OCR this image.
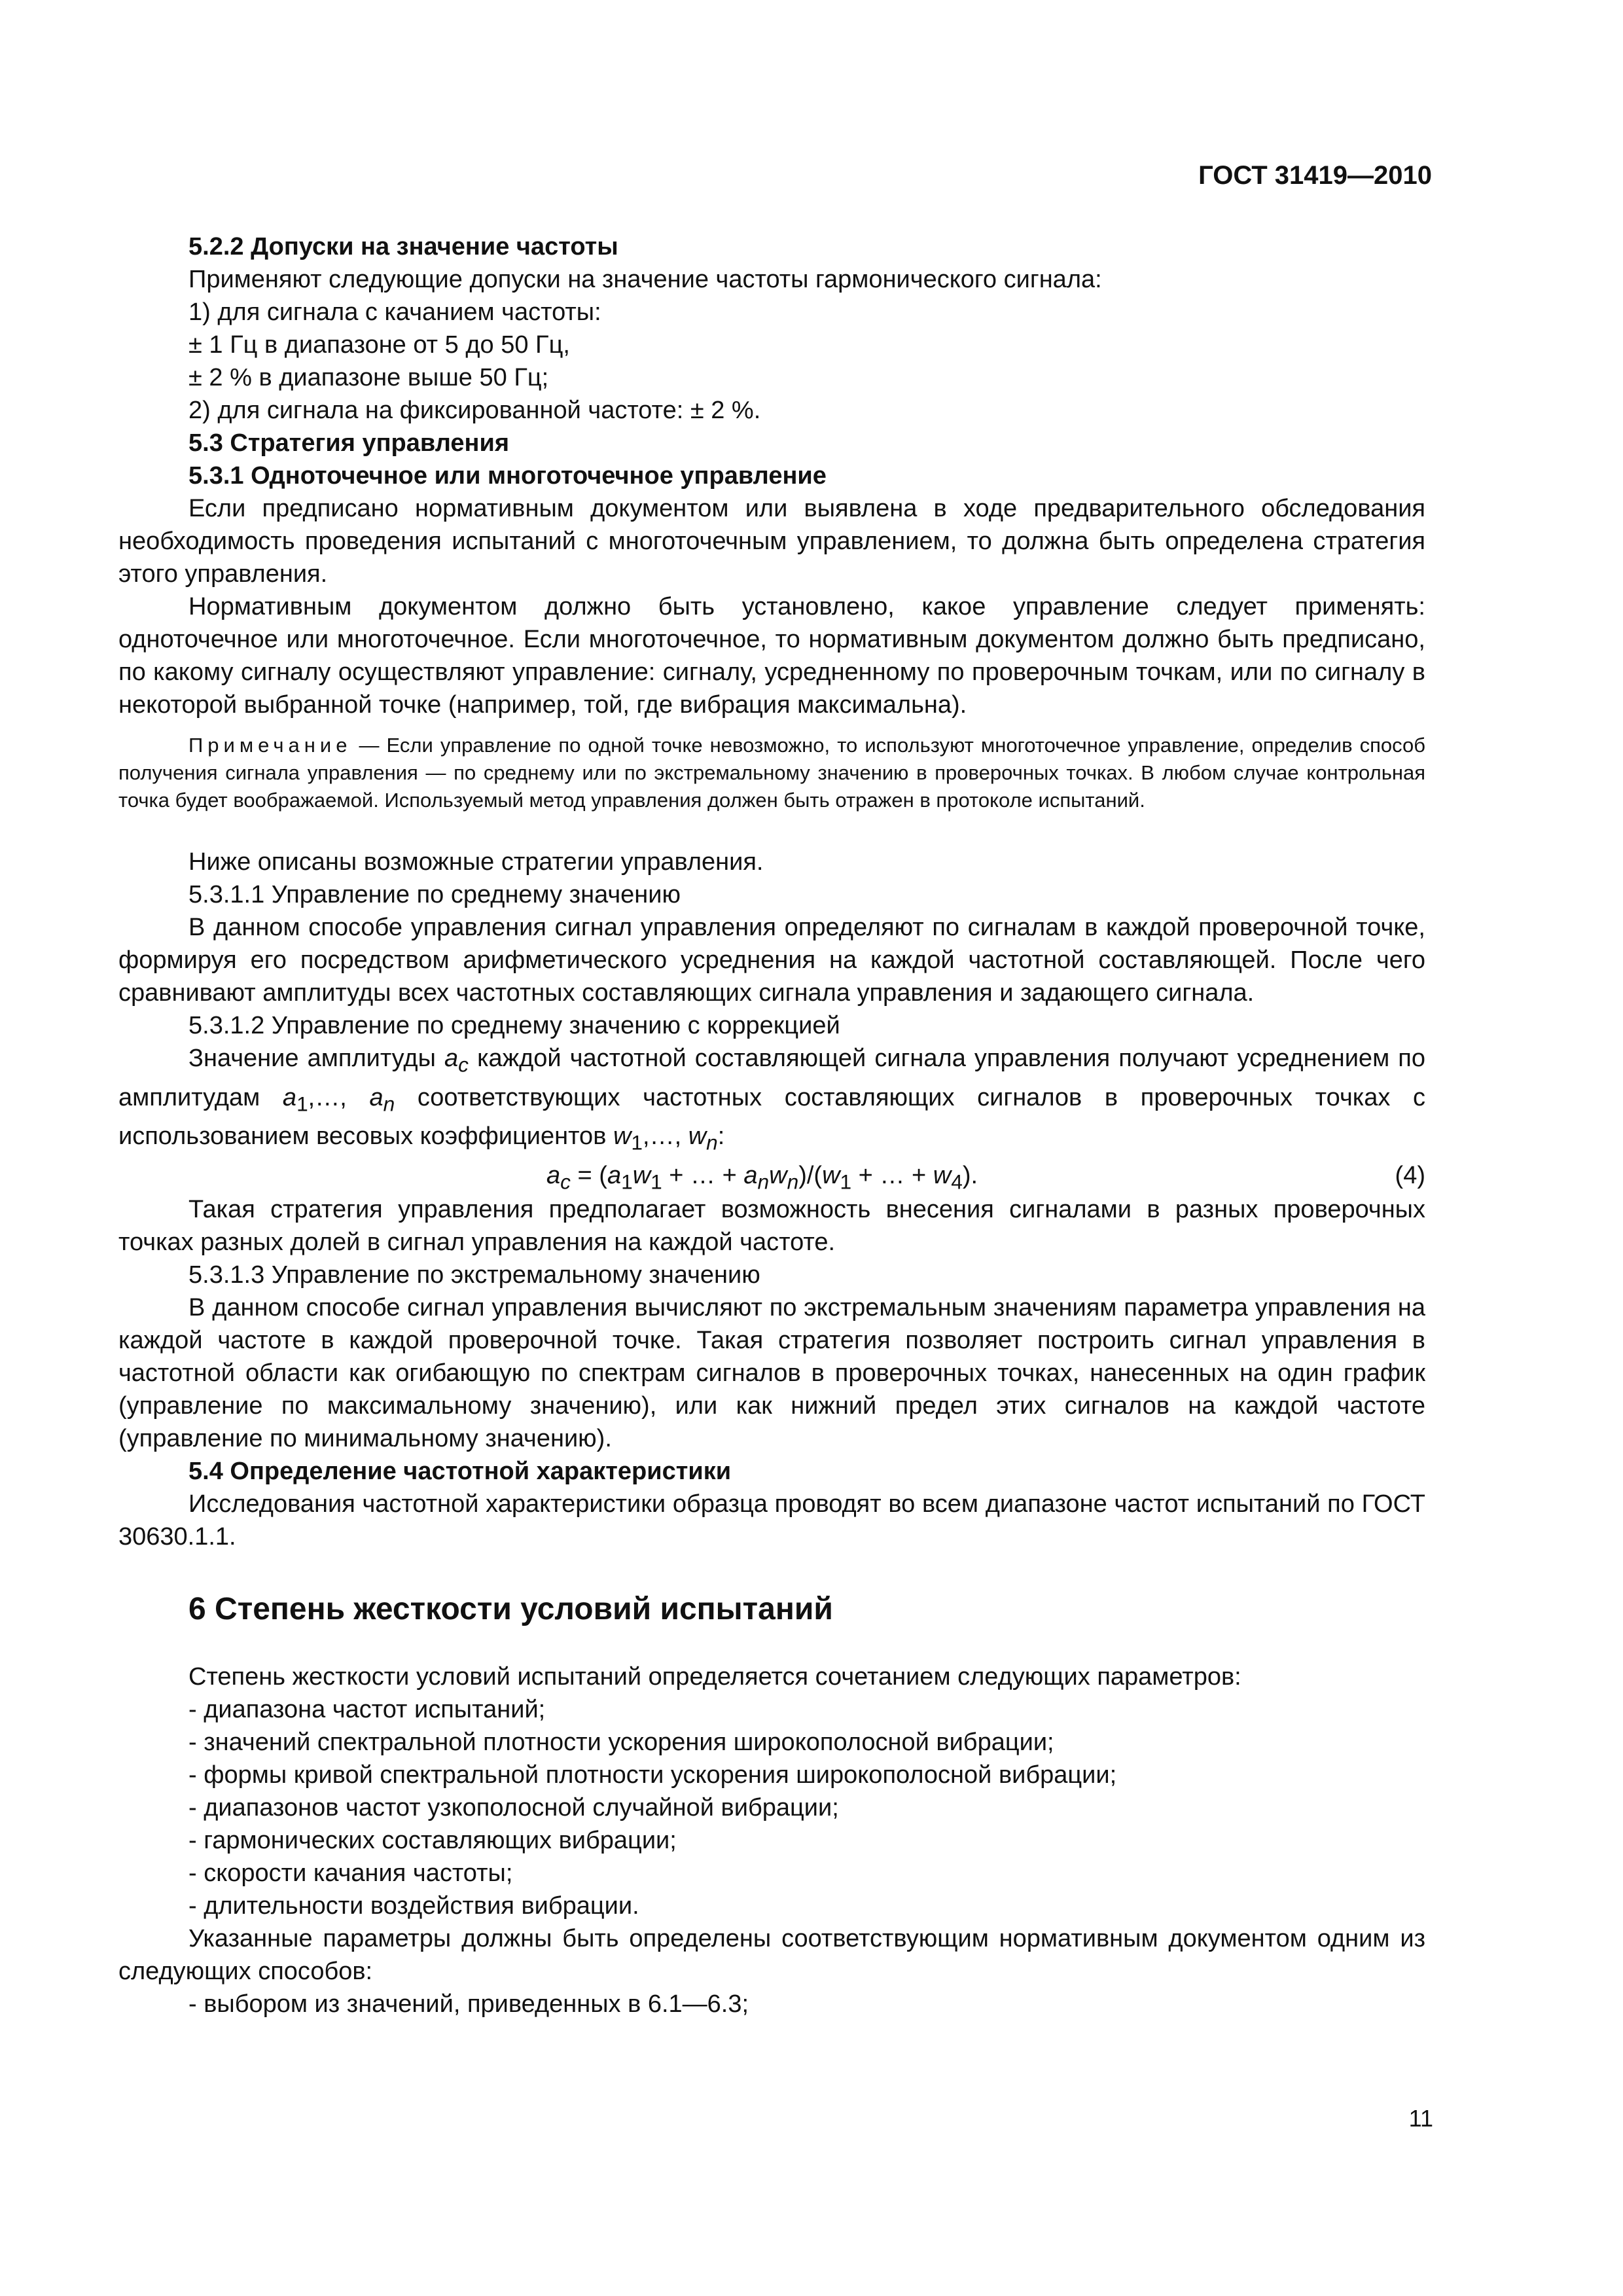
ГОСТ 31419—2010

5.2.2 Допуски на значение частоты

Применяют следующие допуски на значение частоты гармонического сигнала:

1) для сигнала с качанием частоты:

± 1 Гц в диапазоне от 5 до 50 Гц,

± 2 % в диапазоне выше 50 Гц;

2) для сигнала на фиксированной частоте: ± 2 %.

5.3 Стратегия управления

5.3.1 Одноточечное или многоточечное управление

Если предписано нормативным документом или выявлена в ходе предварительного обследования необходимость проведения испытаний с многоточечным управлением, то должна быть определена стратегия этого управления.

Нормативным документом должно быть установлено, какое управление следует применять: одноточечное или многоточечное. Если многоточечное, то нормативным документом должно быть предписано, по какому сигналу осуществляют управление: сигналу, усредненному по проверочным точкам, или по сигналу в некоторой выбранной точке (например, той, где вибрация максимальна).

Примечание — Если управление по одной точке невозможно, то используют многоточечное управление, определив способ получения сигнала управления — по среднему или по экстремальному значению в проверочных точках. В любом случае контрольная точка будет воображаемой. Используемый метод управления должен быть отражен в протоколе испытаний.

Ниже описаны возможные стратегии управления.

5.3.1.1 Управление по среднему значению

В данном способе управления сигнал управления определяют по сигналам в каждой проверочной точке, формируя его посредством арифметического усреднения на каждой частотной составляющей. После чего сравнивают амплитуды всех частотных составляющих сигнала управления и задающего сигнала.

5.3.1.2 Управление по среднему значению с коррекцией

Значение амплитуды $a_c$ каждой частотной составляющей сигнала управления получают усреднением по амплитудам $a_1,\dots$, $a_n$ соответствующих частотных составляющих сигналов в проверочных точках с использованием весовых коэффициентов $w_1,\dots$, $w_n$:

$a_c = (a_1w_1$ + … + $a_nw_n)/(w_1$ + … + $w_4$).	(4)

Такая стратегия управления предполагает возможность внесения сигналами в разных проверочных точках разных долей в сигнал управления на каждой частоте.

5.3.1.3 Управление по экстремальному значению

В данном способе сигнал управления вычисляют по экстремальным значениям параметра управления на каждой частоте в каждой проверочной точке. Такая стратегия позволяет построить сигнал управления в частотной области как огибающую по спектрам сигналов в проверочных точках, нанесенных на один график (управление по максимальному значению), или как нижний предел этих сигналов на каждой частоте (управление по минимальному значению).

5.4 Определение частотной характеристики

Исследования частотной характеристики образца проводят во всем диапазоне частот испытаний по ГОСТ 30630.1.1.

6 Степень жесткости условий испытаний

Степень жесткости условий испытаний определяется сочетанием следующих параметров:

- диапазона частот испытаний;

- значений спектральной плотности ускорения широкополосной вибрации;

- формы кривой спектральной плотности ускорения широкополосной вибрации;

- диапазонов частот узкополосной случайной вибрации;

- гармонических составляющих вибрации;

- скорости качания частоты;

- длительности воздействия вибрации.

Указанные параметры должны быть определены соответствующим нормативным документом одним из следующих способов:

- выбором из значений, приведенных в 6.1—6.3;

11
